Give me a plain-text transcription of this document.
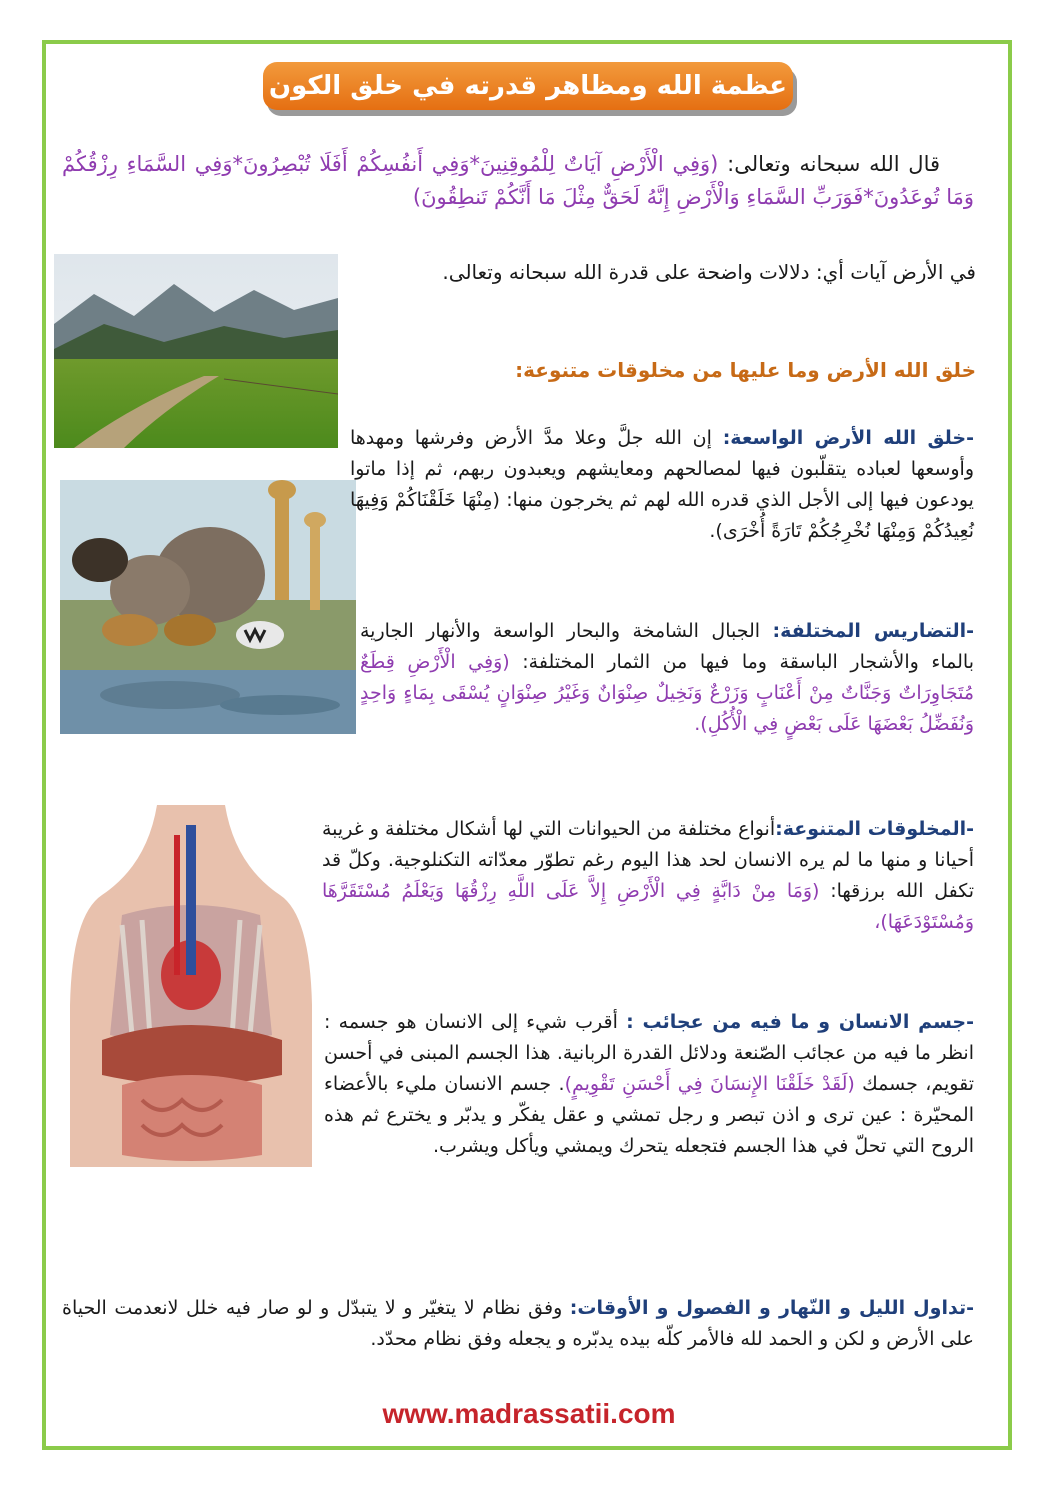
عظمة الله ومظاهر قدرته في خلق الكون
قال الله سبحانه وتعالى: (وَفِي الْأَرْضِ آيَاتٌ لِلْمُوقِنِينَ*وَفِي أَنفُسِكُمْ أَفَلَا تُبْصِرُونَ*وَفِي السَّمَاءِ رِزْقُكُمْ وَمَا تُوعَدُونَ*فَوَرَبِّ السَّمَاءِ وَالْأَرْضِ إِنَّهُ لَحَقٌّ مِثْلَ مَا أَنَّكُمْ تَنطِقُونَ)
في الأرض آيات أي: دلالات واضحة على قدرة الله سبحانه وتعالى.
خلق الله الأرض وما عليها من مخلوقات متنوعة:
-خلق الله الأرض الواسعة: إن الله جلَّ وعلا مدَّ الأرض وفرشها ومهدها وأوسعها لعباده يتقلّبون فيها لمصالحهم ومعايشهم ويعبدون ربهم، ثم إذا ماتوا يودعون فيها إلى الأجل الذي قدره الله لهم ثم يخرجون منها: (مِنْهَا خَلَقْنَاكُمْ وَفِيهَا نُعِيدُكُمْ وَمِنْهَا نُخْرِجُكُمْ تَارَةً أُخْرَى).
-التضاريس المختلفة: الجبال الشامخة والبحار الواسعة والأنهار الجارية بالماء والأشجار الباسقة وما فيها من الثمار المختلفة: (وَفِي الْأَرْضِ قِطَعٌ مُتَجَاوِرَاتٌ وَجَنَّاتٌ مِنْ أَعْنَابٍ وَزَرْعٌ وَنَخِيلٌ صِنْوَانٌ وَغَيْرُ صِنْوَانٍ يُسْقَى بِمَاءٍ وَاحِدٍ وَنُفَضِّلُ بَعْضَهَا عَلَى بَعْضٍ فِي الْأُكُلِ).
-المخلوقات المتنوعة:أنواع مختلفة من الحيوانات التي لها أشكال مختلفة و غريبة أحيانا و منها ما لم يره الانسان لحد هذا اليوم رغم تطوّر معدّاته التكنلوجية. وكلّ قد تكفل الله برزقها: (وَمَا مِنْ دَابَّةٍ فِي الْأَرْضِ إِلاَّ عَلَى اللَّهِ رِزْقُهَا وَيَعْلَمُ مُسْتَقَرَّهَا وَمُسْتَوْدَعَهَا)،
-جسم الانسان و ما فيه من عجائب : أقرب شيء إلى الانسان هو جسمه : انظر ما فيه من عجائب الصّنعة ودلائل القدرة الربانية. هذا الجسم المبنى في أحسن تقويم، جسمك (لَقَدْ خَلَقْنَا الإِنسَانَ فِي أَحْسَنِ تَقْوِيمٍ). جسم الانسان مليء بالأعضاء المحيّرة : عين ترى و اذن تبصر و رجل تمشي و عقل يفكّر و يدبّر و يخترع ثم هذه الروح التي تحلّ في هذا الجسم فتجعله يتحرك ويمشي ويأكل ويشرب.
-تداول الليل و النّهار و الفصول و الأوقات: وفق نظام لا يتغيّر و لا يتبدّل و لو صار فيه خلل لانعدمت الحياة على الأرض و لكن و الحمد لله فالأمر كلّه بيده يدبّره و يجعله وفق نظام محدّد.
www.madrassatii.com
